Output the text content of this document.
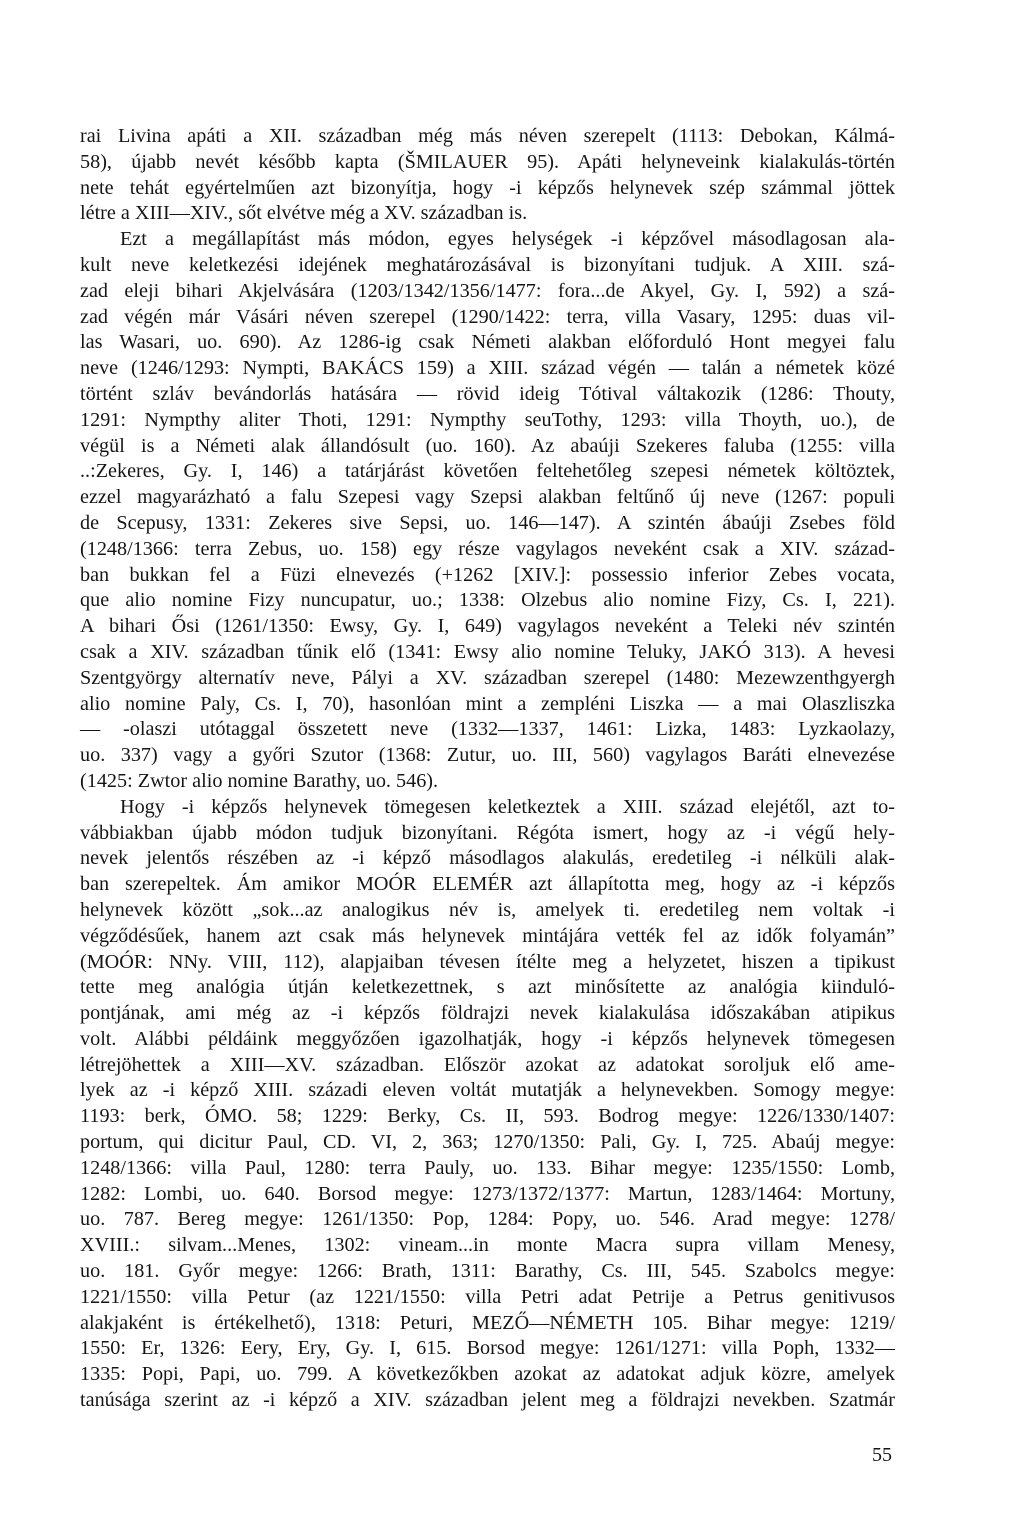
rai Livina apáti a XII. században még más néven szerepelt (1113: Debokan, Kálmá-
58), újabb nevét később kapta (ŠMILAUER 95). Apáti helyneveink kialakulás-történ
nete tehát egyértelműen azt bizonyítja, hogy -i képzős helynevek szép számmal jöttek
létre a XIII—XIV., sőt elvétve még a XV. században is.
Ezt a megállapítást más módon, egyes helységek -i képzővel másodlagosan ala-
kult neve keletkezési idejének meghatározásával is bizonyítani tudjuk. A XIII. szá-
zad eleji bihari Akjelvására (1203/1342/1356/1477: fora...de Akyel, Gy. I, 592) a szá-
zad végén már Vásári néven szerepel (1290/1422: terra, villa Vasary, 1295: duas vil-
las Wasari, uo. 690). Az 1286-ig csak Németi alakban előforduló Hont megyei falu
neve (1246/1293: Nympti, BAKÁCS 159) a XIII. század végén — talán a németek közé
történt szláv bevándorlás hatására — rövid ideig Tótival váltakozik (1286: Thouty,
1291: Nympthy aliter Thoti, 1291: Nympthy seuTothy, 1293: villa Thoyth, uo.), de
végül is a Németi alak állandósult (uo. 160). Az abaúji Szekeres faluba (1255: villa
..:Zekeres, Gy. I, 146) a tatárjárást követően feltehetőleg szepesi németek költöztek,
ezzel magyarázható a falu Szepesi vagy Szepsi alakban feltűnő új neve (1267: populi
de Scepusy, 1331: Zekeres sive Sepsi, uo. 146—147). A szintén ábaúji Zsebes föld
(1248/1366: terra Zebus, uo. 158) egy része vagylagos neveként csak a XIV. század-
ban bukkan fel a Füzi elnevezés (+1262 [XIV.]: possessio inferior Zebes vocata,
que alio nomine Fizy nuncupatur, uo.; 1338: Olzebus alio nomine Fizy, Cs. I, 221).
A bihari Ősi (1261/1350: Ewsy, Gy. I, 649) vagylagos neveként a Teleki név szintén
csak a XIV. században tűnik elő (1341: Ewsy alio nomine Teluky, JAKÓ 313). A hevesi
Szentgyörgy alternatív neve, Pályi a XV. században szerepel (1480: Mezewzenthgyergh
alio nomine Paly, Cs. I, 70), hasonlóan mint a zempléni Liszka — a mai Olaszliszka
— -olaszi utótaggal összetett neve (1332—1337, 1461: Lizka, 1483: Lyzkaolazy,
uo. 337) vagy a győri Szutor (1368: Zutur, uo. III, 560) vagylagos Baráti elnevezése
(1425: Zwtor alio nomine Barathy, uo. 546).
Hogy -i képzős helynevek tömegesen keletkeztek a XIII. század elejétől, azt to-
vábbiakban újabb módon tudjuk bizonyítani. Régóta ismert, hogy az -i végű hely-
nevek jelentős részében az -i képző másodlagos alakulás, eredetileg -i nélküli alak-
ban szerepeltek. Ám amikor MOÓR ELEMÉR azt állapította meg, hogy az -i képzős
helynevek között „sok...az analogikus név is, amelyek ti. eredetileg nem voltak -i
végződésűek, hanem azt csak más helynevek mintájára vették fel az idők folyamán”
(MOÓR: NNy. VIII, 112), alapjaiban tévesen ítélte meg a helyzetet, hiszen a tipikust
tette meg analógia útján keletkezettnek, s azt minősítette az analógia kiinduló-
pontjának, ami még az -i képzős földrajzi nevek kialakulása időszakában atipikus
volt. Alábbi példáink meggyőzően igazolhatják, hogy -i képzős helynevek tömegesen
létrejöhettek a XIII—XV. században. Először azokat az adatokat soroljuk elő ame-
lyek az -i képző XIII. századi eleven voltát mutatják a helynevekben. Somogy megye:
1193: berk, ÓMO. 58; 1229: Berky, Cs. II, 593. Bodrog megye: 1226/1330/1407:
portum, qui dicitur Paul, CD. VI, 2, 363; 1270/1350: Pali, Gy. I, 725. Abaúj megye:
1248/1366: villa Paul, 1280: terra Pauly, uo. 133. Bihar megye: 1235/1550: Lomb,
1282: Lombi, uo. 640. Borsod megye: 1273/1372/1377: Martun, 1283/1464: Mortuny,
uo. 787. Bereg megye: 1261/1350: Pop, 1284: Popy, uo. 546. Arad megye: 1278/
XVIII.: silvam...Menes, 1302: vineam...in monte Macra supra villam Menesy,
uo. 181. Győr megye: 1266: Brath, 1311: Barathy, Cs. III, 545. Szabolcs megye:
1221/1550: villa Petur (az 1221/1550: villa Petri adat Petrije a Petrus genitivusos
alakjaként is értékelhető), 1318: Peturi, MEZŐ—NÉMETH 105. Bihar megye: 1219/
1550: Er, 1326: Eery, Ery, Gy. I, 615. Borsod megye: 1261/1271: villa Poph, 1332—
1335: Popi, Papi, uo. 799. A következőkben azokat az adatokat adjuk közre, amelyek
tanúsága szerint az -i képző a XIV. században jelent meg a földrajzi nevekben. Szatmár
55
